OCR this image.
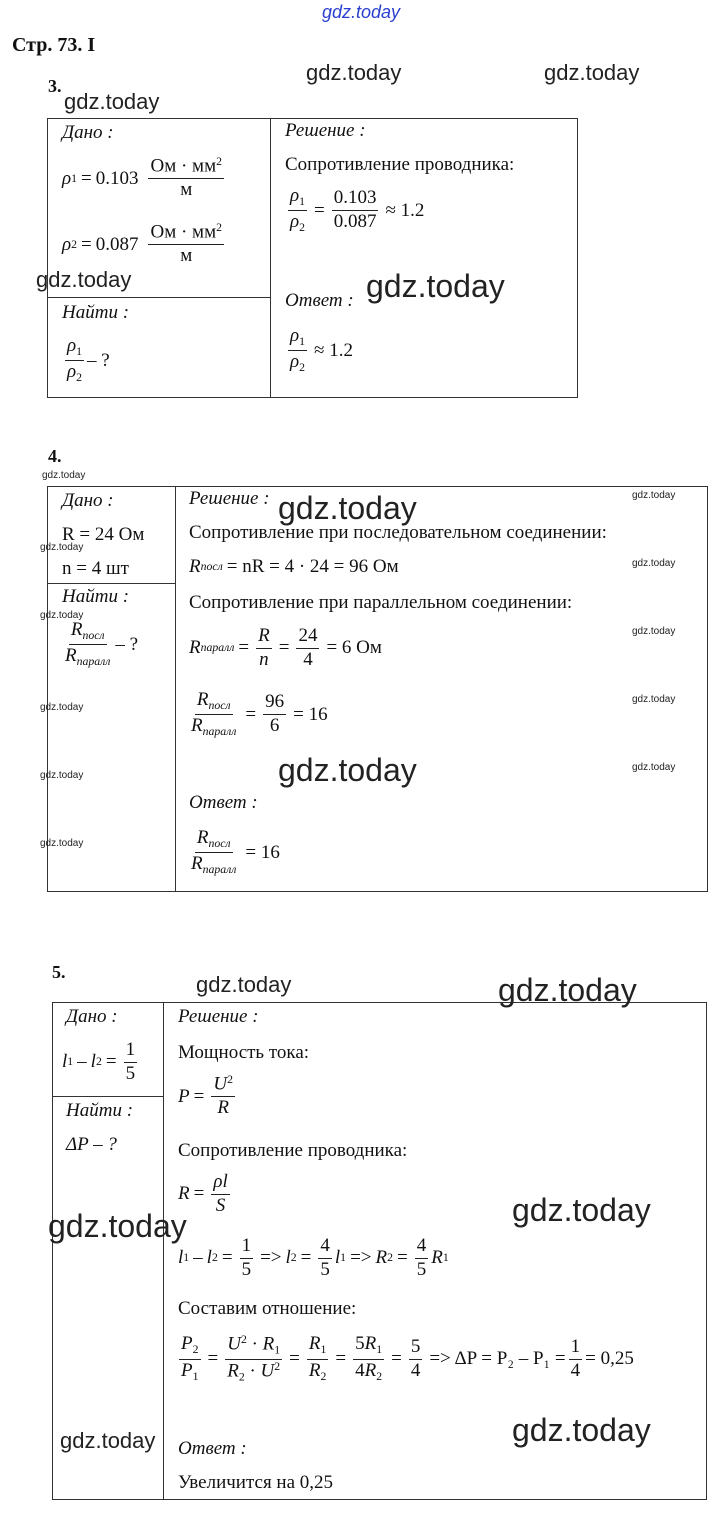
gdz.today
Стр. 73. I
3.
Дано :
ρ $1 = 0.103 \frac{Ом \cdot мм^2}{м}$
ρ $2 = 0.087 \frac{Ом \cdot мм^2}{м}$
Найти :
$\frac{\rho_1}{\rho_2}$ – ?
Решение :
Сопротивление проводника:
$\frac{\rho_1}{\rho_2} = \frac{0.103}{0.087} \approx 1.2$
Ответ :
$\frac{\rho_1}{\rho_2} \approx 1.2$
4.
Дано :
R = 24 Ом
n = 4 шт
Найти :
$\frac{R_{посл}}{R_{паралл}}$ – ?
Решение :
Сопротивление при последовательном соединении:
R посл = nR = 4 · 24 = 96 Ом
Сопротивление при параллельном соединении:
R паралл = $\frac{R}{n} = \frac{24}{4} = 6$ Ом
$\frac{R_{посл}}{R_{паралл}} = \frac{96}{6} = 16$
Ответ :
$\frac{R_{посл}}{R_{паралл}} = 16$
5.
Дано :
l 1 – l $2 = \frac{1}{5}$
Найти :
ΔP – ?
Решение :
Мощность тока:
$P = \frac{U^2}{R}$
Сопротивление проводника:
$R = \frac{\rho l}{S}$
l 1 – l $2 = \frac{1}{5} => l$ $2 = \frac{4}{5}$ l 1 => R $2 = \frac{4}{5}$ R 1
Составим отношение:
$\frac{P_2}{P_1} = \frac{U^2 \cdot R_1}{R_2 \cdot U^2} = \frac{R_1}{R_2} = \frac{5R_1}{4R_2} = \frac{5}{4} => \Delta P = P_2 - P_1 = \frac{1}{4} = 0,25$
Ответ :
Увеличится на 0,25
gdz.today	gdz.today
gdz.today
gdz.today	gdz.today
gdz.today
gdz.today	gdz.today
gdz.today
gdz.today
gdz.today
gdz.today
gdz.today
gdz.today
gdz.today
gdz.today
gdz.today
gdz.today
gdz.today	gdz.today
gdz.today
gdz.today
gdz.today	gdz.today
